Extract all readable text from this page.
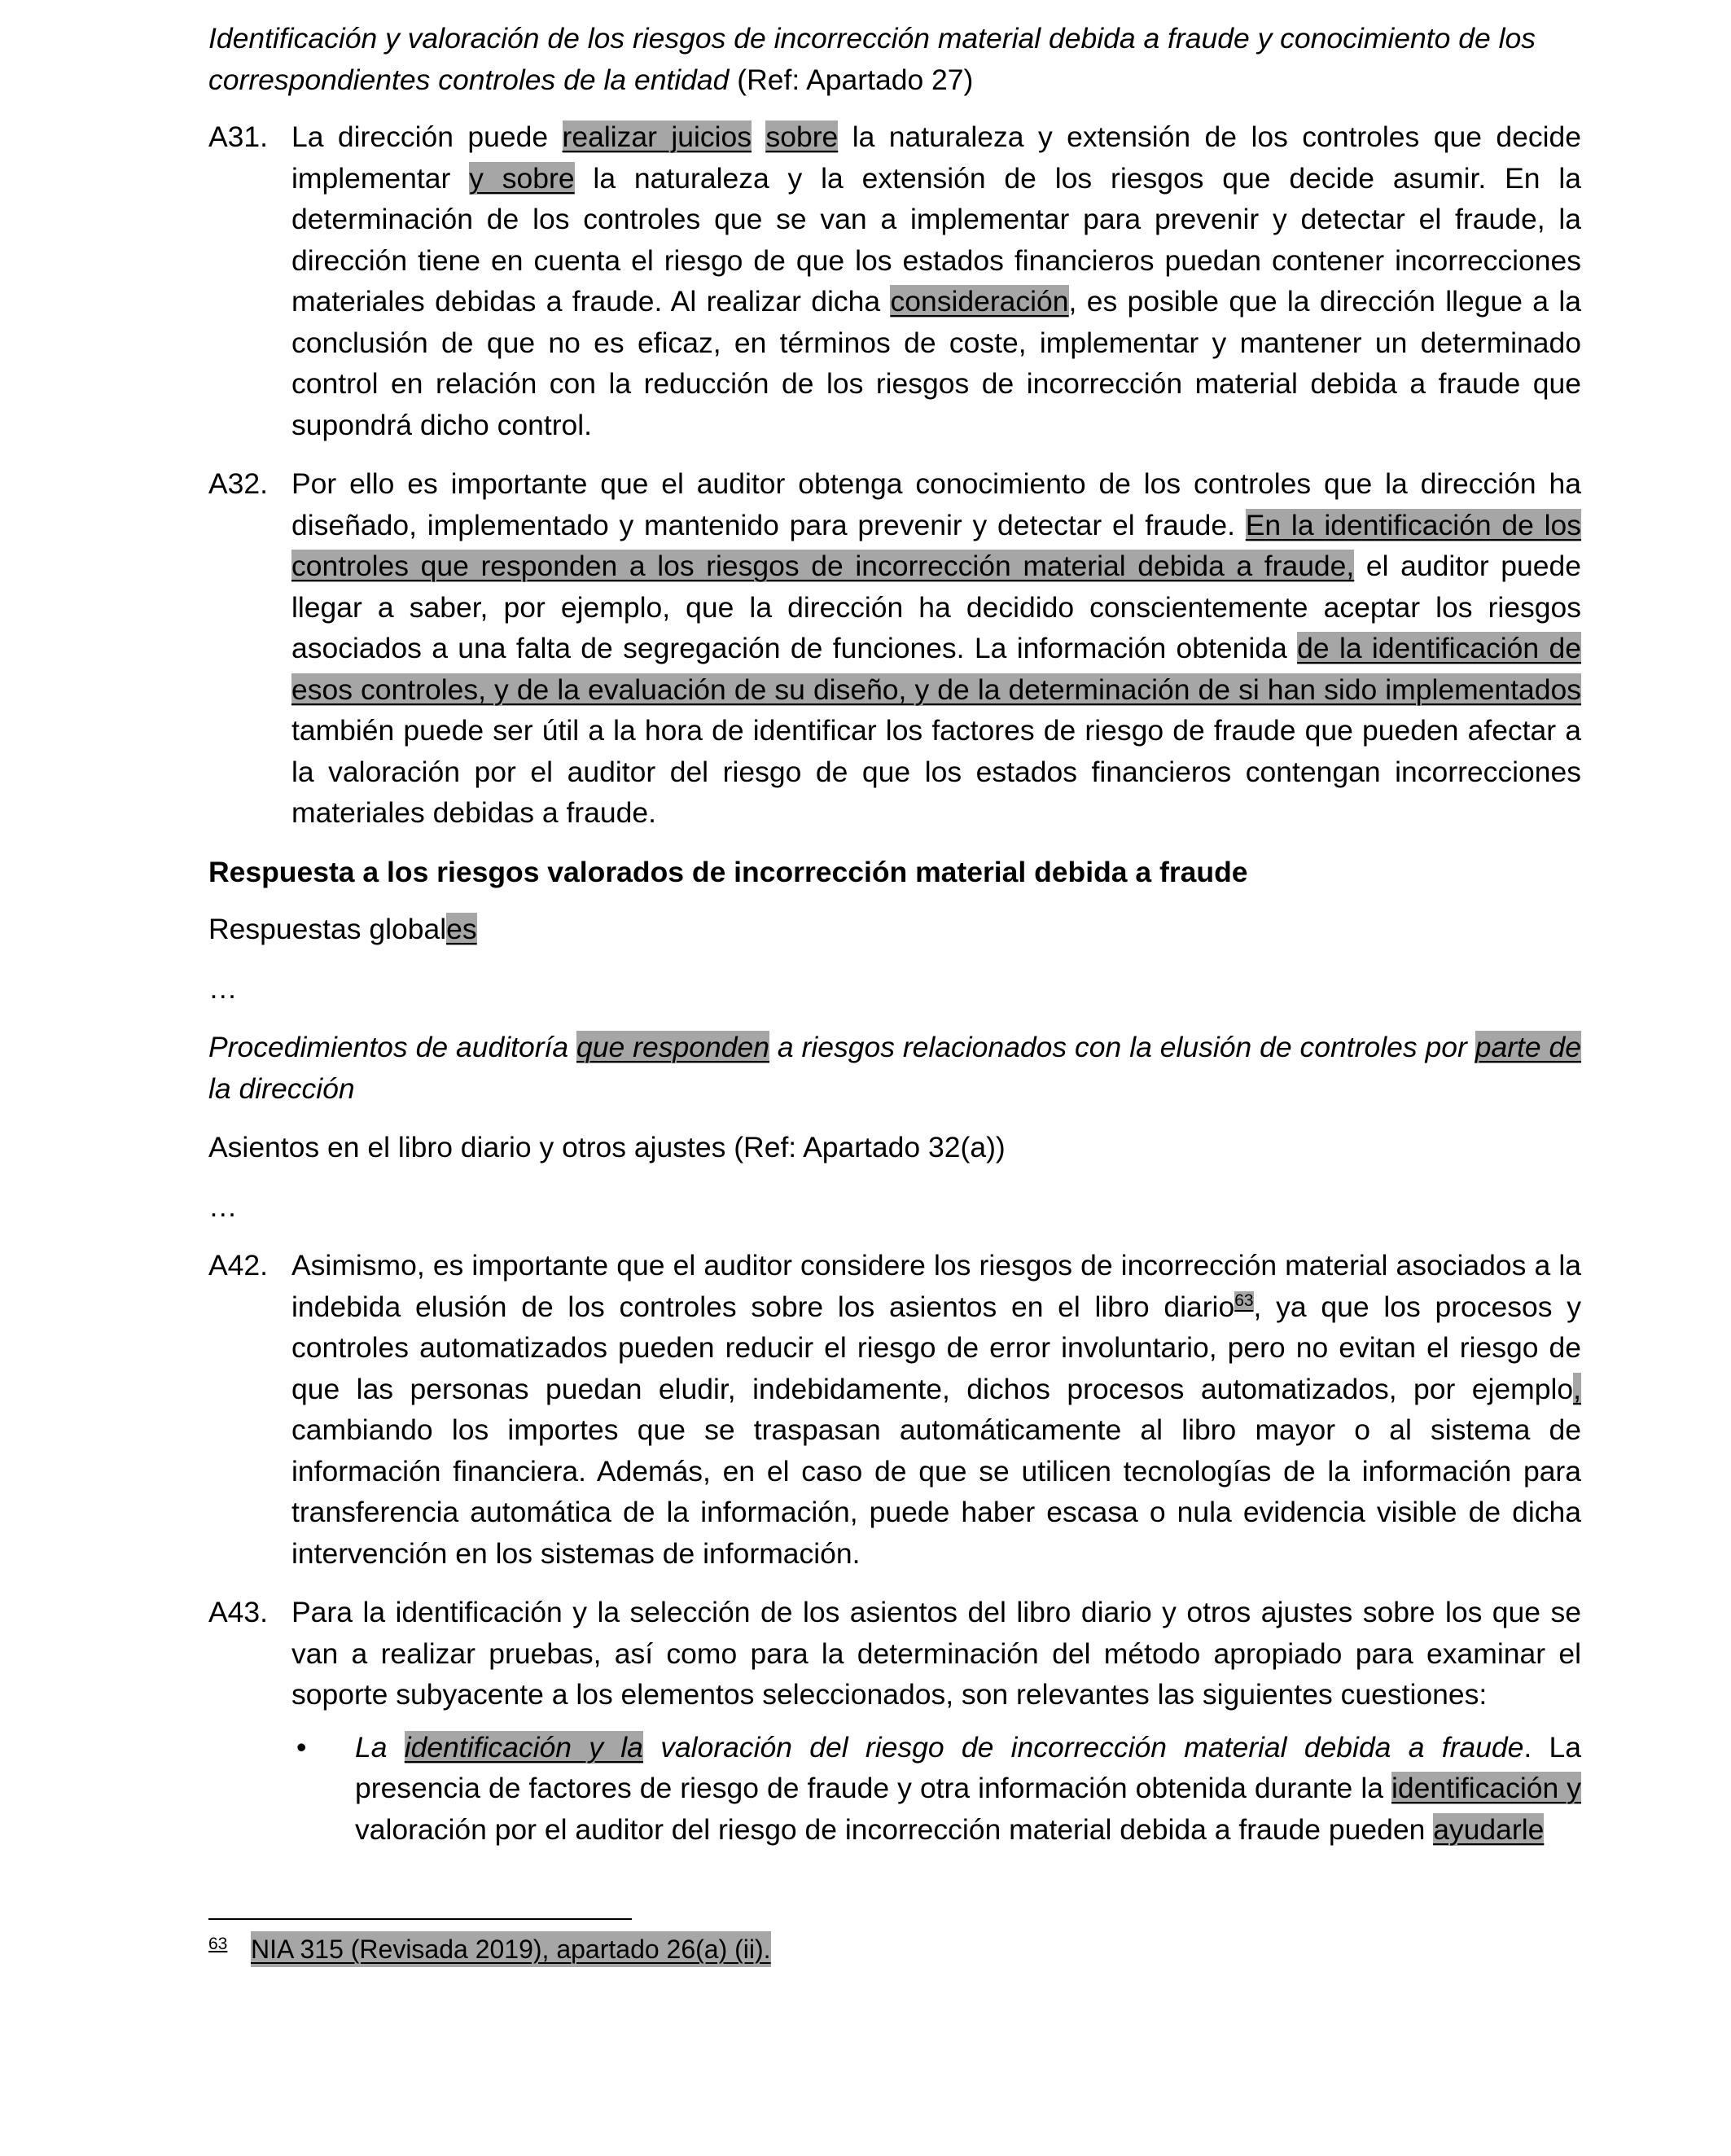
Identificación y valoración de los riesgos de incorrección material debida a fraude y conocimiento de los correspondientes controles de la entidad (Ref: Apartado 27)

A31. La dirección puede realizar juicios sobre la naturaleza y extensión de los controles que decide implementar y sobre la naturaleza y la extensión de los riesgos que decide asumir. En la determinación de los controles que se van a implementar para prevenir y detectar el fraude, la dirección tiene en cuenta el riesgo de que los estados financieros puedan contener incorrecciones materiales debidas a fraude. Al realizar dicha consideración, es posible que la dirección llegue a la conclusión de que no es eficaz, en términos de coste, implementar y mantener un determinado control en relación con la reducción de los riesgos de incorrección material debida a fraude que supondrá dicho control.
A32. Por ello es importante que el auditor obtenga conocimiento de los controles que la dirección ha diseñado, implementado y mantenido para prevenir y detectar el fraude. En la identificación de los controles que responden a los riesgos de incorrección material debida a fraude, el auditor puede llegar a saber, por ejemplo, que la dirección ha decidido conscientemente aceptar los riesgos asociados a una falta de segregación de funciones. La información obtenida de la identificación de esos controles, y de la evaluación de su diseño, y de la determinación de si han sido implementados también puede ser útil a la hora de identificar los factores de riesgo de fraude que pueden afectar a la valoración por el auditor del riesgo de que los estados financieros contengan incorrecciones materiales debidas a fraude.

Respuesta a los riesgos valorados de incorrección material debida a fraude

Respuestas globales

…

Procedimientos de auditoría que responden a riesgos relacionados con la elusión de controles por parte de la dirección

Asientos en el libro diario y otros ajustes (Ref: Apartado 32(a))

…

A42. Asimismo, es importante que el auditor considere los riesgos de incorrección material asociados a la indebida elusión de los controles sobre los asientos en el libro diario$^{63}$, ya que los procesos y controles automatizados pueden reducir el riesgo de error involuntario, pero no evitan el riesgo de que las personas puedan eludir, indebidamente, dichos procesos automatizados, por ejemplo, cambiando los importes que se traspasan automáticamente al libro mayor o al sistema de información financiera. Además, en el caso de que se utilicen tecnologías de la información para transferencia automática de la información, puede haber escasa o nula evidencia visible de dicha intervención en los sistemas de información.
A43. Para la identificación y la selección de los asientos del libro diario y otros ajustes sobre los que se van a realizar pruebas, así como para la determinación del método apropiado para examinar el soporte subyacente a los elementos seleccionados, son relevantes las siguientes cuestiones:
• La identificación y la valoración del riesgo de incorrección material debida a fraude. La presencia de factores de riesgo de fraude y otra información obtenida durante la identificación y valoración por el auditor del riesgo de incorrección material debida a fraude pueden ayudarle
63 NIA 315 (Revisada 2019), apartado 26(a) (ii).
